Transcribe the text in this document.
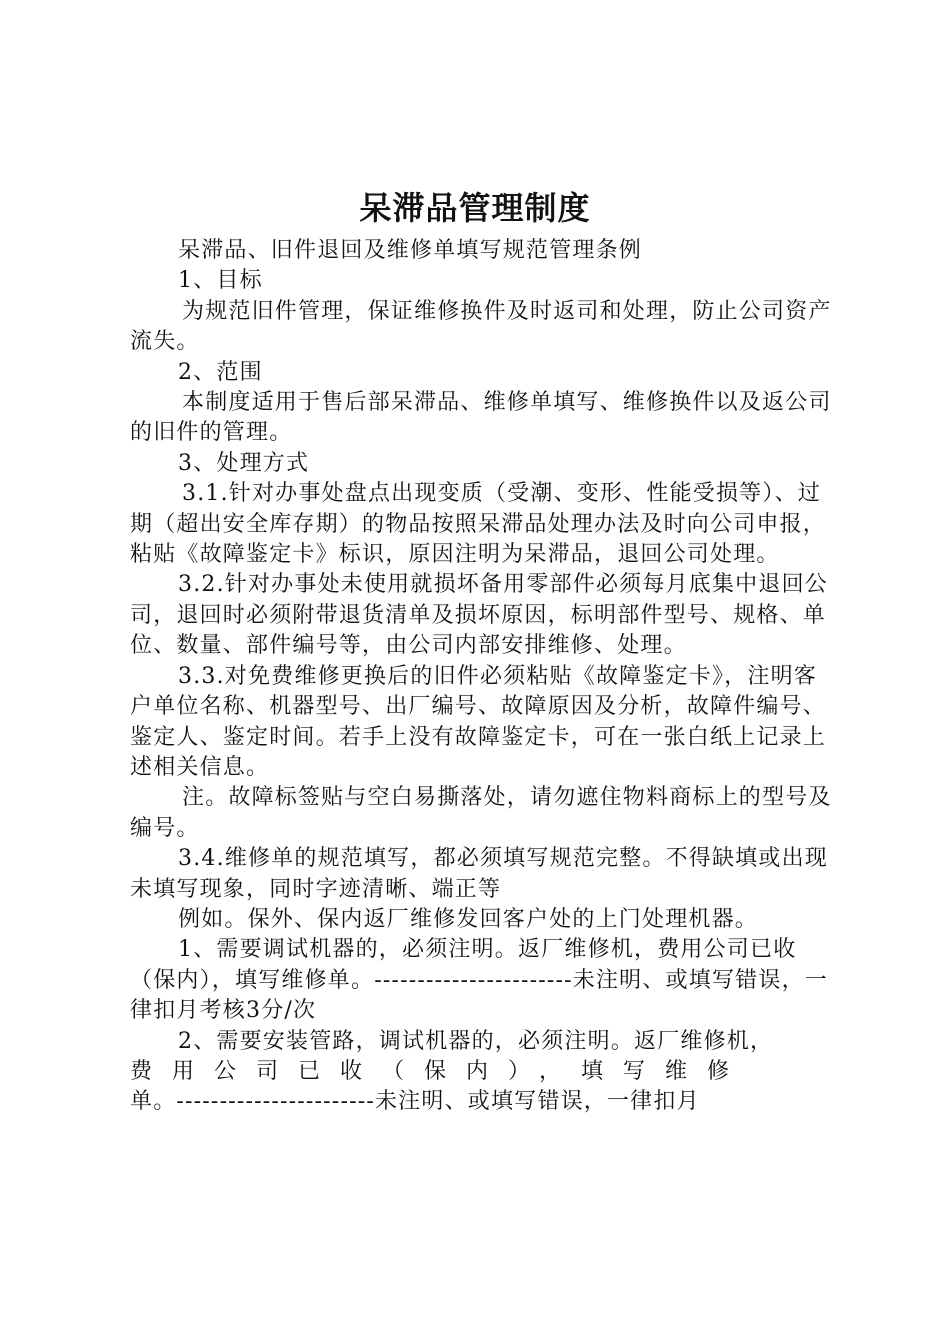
呆滞品管理制度

呆滞品、旧件退回及维修单填写规范管理条例

1、目标

为规范旧件管理，保证维修换件及时返司和处理，防止公司资产流失。

2、范围

本制度适用于售后部呆滞品、维修单填写、维修换件以及返公司的旧件的管理。

3、处理方式

3.1.针对办事处盘点出现变质（受潮、变形、性能受损等）、过期（超出安全库存期）的物品按照呆滞品处理办法及时向公司申报，粘贴《故障鉴定卡》标识，原因注明为呆滞品，退回公司处理。

3.2.针对办事处未使用就损坏备用零部件必须每月底集中退回公司，退回时必须附带退货清单及损坏原因，标明部件型号、规格、单位、数量、部件编号等，由公司内部安排维修、处理。

3.3.对免费维修更换后的旧件必须粘贴《故障鉴定卡》，注明客户单位名称、机器型号、出厂编号、故障原因及分析，故障件编号、鉴定人、鉴定时间。若手上没有故障鉴定卡，可在一张白纸上记录上述相关信息。

注。故障标签贴与空白易撕落处，请勿遮住物料商标上的型号及编号。

3.4.维修单的规范填写，都必须填写规范完整。不得缺填或出现未填写现象，同时字迹清晰、端正等

例如。保外、保内返厂维修发回客户处的上门处理机器。

1、需要调试机器的，必须注明。返厂维修机，费用公司已收（保内），填写维修单。-----------------------未注明、或填写错误，一律扣月考核3分/次

2、需要安装管路，调试机器的，必须注明。返厂维修机，

费用公司已收（保内），填写维修

单。-----------------------未注明、或填写错误，一律扣月
